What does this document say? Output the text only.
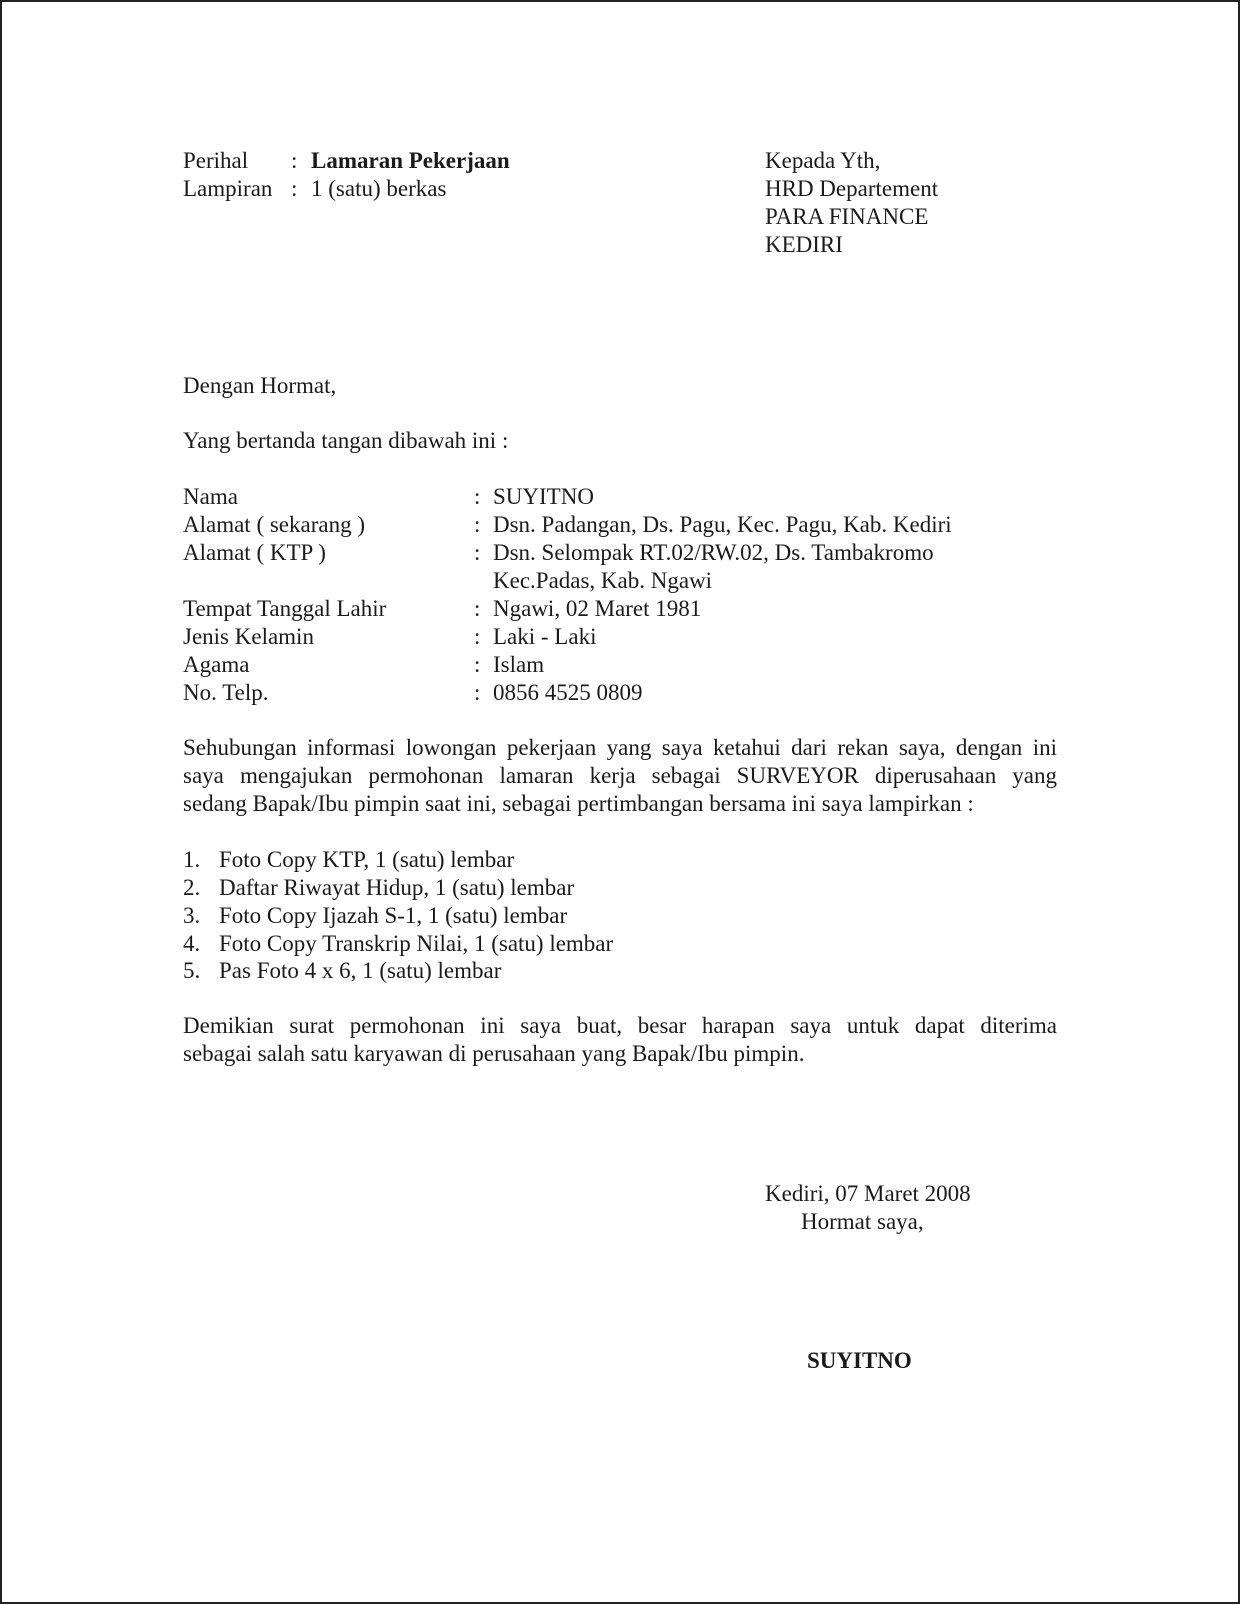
Perihal : Lamaran Pekerjaan
Lampiran : 1 (satu) berkas
Kepada Yth,
HRD Departement
PARA FINANCE
KEDIRI
Dengan Hormat,
Yang bertanda tangan dibawah ini :
Nama	: SUYITNO
Alamat ( sekarang )	: Dsn. Padangan, Ds. Pagu, Kec. Pagu, Kab. Kediri
Alamat ( KTP )	: Dsn. Selompak RT.02/RW.02, Ds. Tambakromo
Kec.Padas, Kab. Ngawi
Tempat Tanggal Lahir	: Ngawi, 02 Maret 1981
Jenis Kelamin	: Laki - Laki
Agama	: Islam
No. Telp.	: 0856 4525 0809
Sehubungan informasi lowongan pekerjaan yang saya ketahui dari rekan saya, dengan ini
saya mengajukan permohonan lamaran kerja sebagai SURVEYOR diperusahaan yang
sedang Bapak/Ibu pimpin saat ini, sebagai pertimbangan bersama ini saya lampirkan :
1. Foto Copy KTP, 1 (satu) lembar
2. Daftar Riwayat Hidup, 1 (satu) lembar
3. Foto Copy Ijazah S-1, 1 (satu) lembar
4. Foto Copy Transkrip Nilai, 1 (satu) lembar
5. Pas Foto 4 x 6, 1 (satu) lembar
Demikian surat permohonan ini saya buat, besar harapan saya untuk dapat diterima
sebagai salah satu karyawan di perusahaan yang Bapak/Ibu pimpin.
Kediri, 07 Maret 2008
Hormat saya,
SUYITNO
